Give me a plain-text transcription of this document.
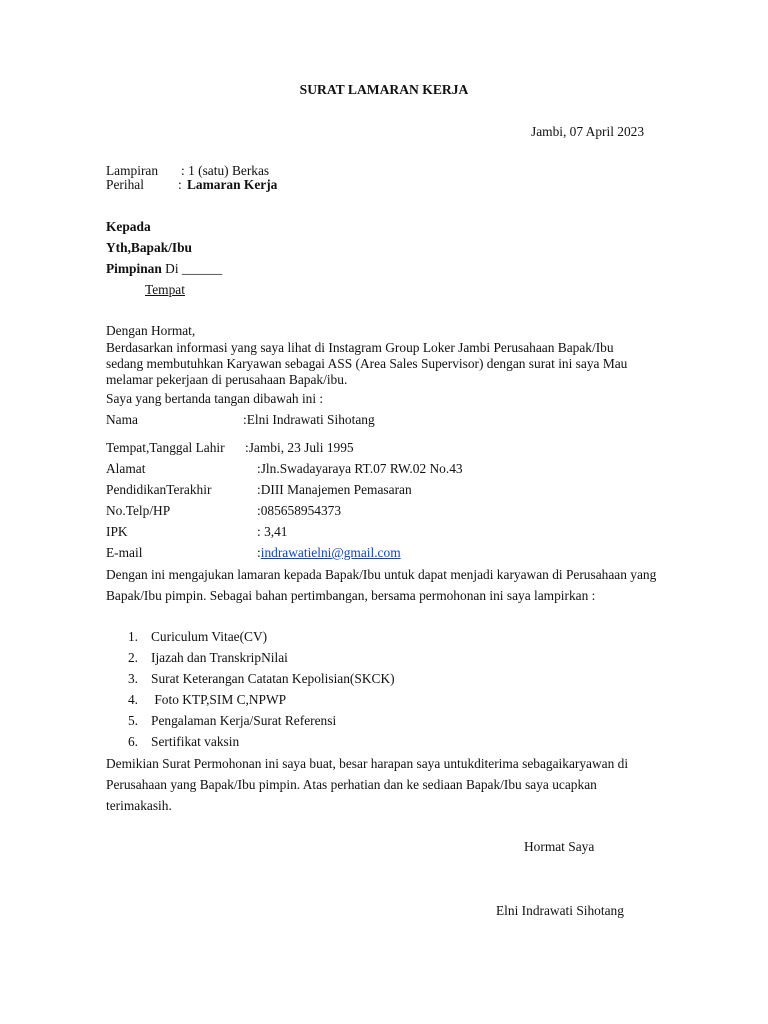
SURAT LAMARAN KERJA
Jambi, 07 April 2023
Lampiran : 1 (satu) Berkas
Perihal	: Lamaran Kerja
Kepada
Yth,Bapak/Ibu
Pimpinan Di ______
Tempat
Dengan Hormat,
Berdasarkan informasi yang saya lihat di Instagram Group Loker Jambi Perusahaan Bapak/Ibu sedang membutuhkan Karyawan sebagai ASS (Area Sales Supervisor) dengan surat ini saya Mau melamar pekerjaan di perusahaan Bapak/ibu.
Saya yang bertanda tangan dibawah ini :
Nama	:Elni Indrawati Sihotang
Tempat,Tanggal Lahir :Jambi, 23 Juli 1995
Alamat	:Jln.Swadayaraya RT.07 RW.02 No.43
PendidikanTerakhir	:DIII Manajemen Pemasaran
No.Telp/HP	:085658954373
IPK	: 3,41
E-mail	:indrawatielni@gmail.com
Dengan ini mengajukan lamaran kepada Bapak/Ibu untuk dapat menjadi karyawan di Perusahaan yang Bapak/Ibu pimpin. Sebagai bahan pertimbangan, bersama permohonan ini saya lampirkan :
1. Curiculum Vitae(CV)
2. Ijazah dan TranskripNilai
3. Surat Keterangan Catatan Kepolisian(SKCK)
4. Foto KTP,SIM C,NPWP
5. Pengalaman Kerja/Surat Referensi
6. Sertifikat vaksin
Demikian Surat Permohonan ini saya buat, besar harapan saya untukditerima sebagaikaryawan di Perusahaan yang Bapak/Ibu pimpin. Atas perhatian dan ke sediaan Bapak/Ibu saya ucapkan terimakasih.
Hormat Saya
Elni Indrawati Sihotang
